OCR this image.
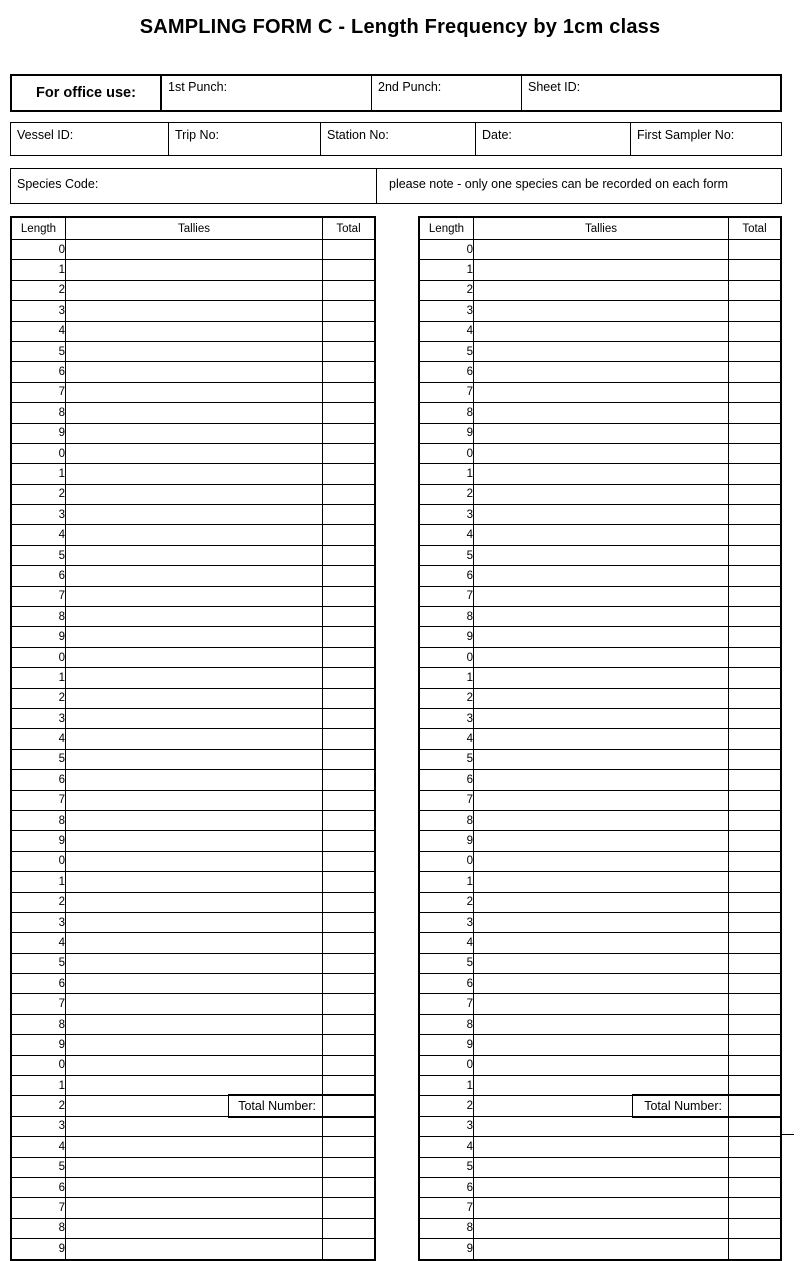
SAMPLING FORM C - Length Frequency by 1cm class
For office use:	1st Punch:	2nd Punch:	Sheet ID:
Vessel ID:	Trip No:	Station No:	Date:	First Sampler No:
Species Code:	please note - only one species can be recorded on each form
Length	Tallies	Total
0		
1		
2		
3		
4		
5		
6		
7		
8		
9		
0		
1		
2		
3		
4		
5		
6		
7		
8		
9		
0		
1		
2		
3		
4		
5		
6		
7		
8		
9		
0		
1		
2		
3		
4		
5		
6		
7		
8		
9		
0		
1		
2		
3		
4		
5		
6		
7		
8		
9		
Length	Tallies	Total
0		
1		
2		
3		
4		
5		
6		
7		
8		
9		
0		
1		
2		
3		
4		
5		
6		
7		
8		
9		
0		
1		
2		
3		
4		
5		
6		
7		
8		
9		
0		
1		
2		
3		
4		
5		
6		
7		
8		
9		
0		
1		
2		
3		
4		
5		
6		
7		
8		
9		
Total Number:	Total Number:
